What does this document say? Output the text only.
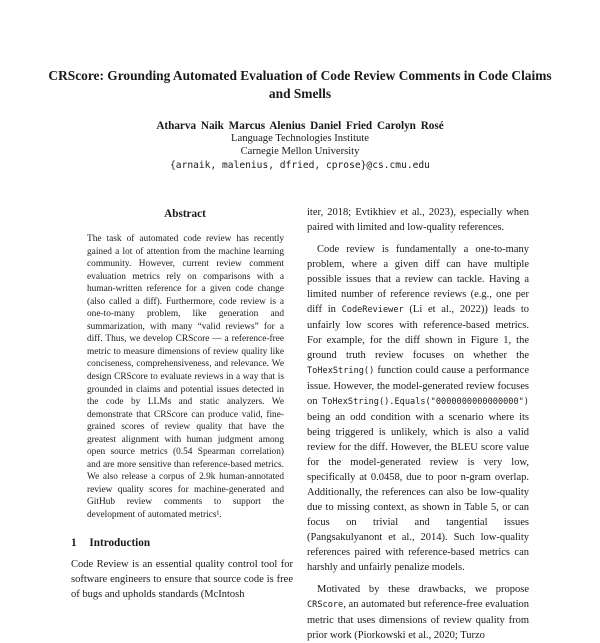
CRScore: Grounding Automated Evaluation of Code Review Comments in Code Claims and Smells
Atharva Naik Marcus Alenius Daniel Fried Carolyn Rosé
Language Technologies Institute
Carnegie Mellon University
{arnaik, malenius, dfried, cprose}@cs.cmu.edu
Abstract
The task of automated code review has recently gained a lot of attention from the machine learning community. However, current review comment evaluation metrics rely on comparisons with a human-written reference for a given code change (also called a diff). Furthermore, code review is a one-to-many problem, like generation and summarization, with many “valid reviews” for a diff. Thus, we develop CRScore — a reference-free metric to measure dimensions of review quality like conciseness, comprehensiveness, and relevance. We design CRScore to evaluate reviews in a way that is grounded in claims and potential issues detected in the code by LLMs and static analyzers. We demonstrate that CRScore can produce valid, fine-grained scores of review quality that have the greatest alignment with human judgment among open source metrics (0.54 Spearman correlation) and are more sensitive than reference-based metrics. We also release a corpus of 2.9k human-annotated review quality scores for machine-generated and GitHub review comments to support the development of automated metrics¹.
1 Introduction
Code Review is an essential quality control tool for software engineers to ensure that source code is free of bugs and upholds standards (McIntosh

iter, 2018; Evtikhiev et al., 2023), especially when paired with limited and low-quality references.

Code review is fundamentally a one-to-many problem, where a given diff can have multiple possible issues that a review can tackle. Having a limited number of reference reviews (e.g., one per diff in CodeReviewer (Li et al., 2022)) leads to unfairly low scores with reference-based metrics. For example, for the diff shown in Figure 1, the ground truth review focuses on whether the ToHexString() function could cause a performance issue. However, the model-generated review focuses on ToHexString().Equals("0000000000000000") being an odd condition with a scenario where its being triggered is unlikely, which is also a valid review for the diff. However, the BLEU score value for the model-generated review is very low, specifically at 0.0458, due to poor n-gram overlap. Additionally, the references can also be low-quality due to missing context, as shown in Table 5, or can focus on trivial and tangential issues (Pangsakulyanont et al., 2014). Such low-quality references paired with reference-based metrics can harshly and unfairly penalize models.

Motivated by these drawbacks, we propose CRScore, an automated but reference-free evaluation metric that uses dimensions of review quality from prior work (Piorkowski et al., 2020; Turzo
